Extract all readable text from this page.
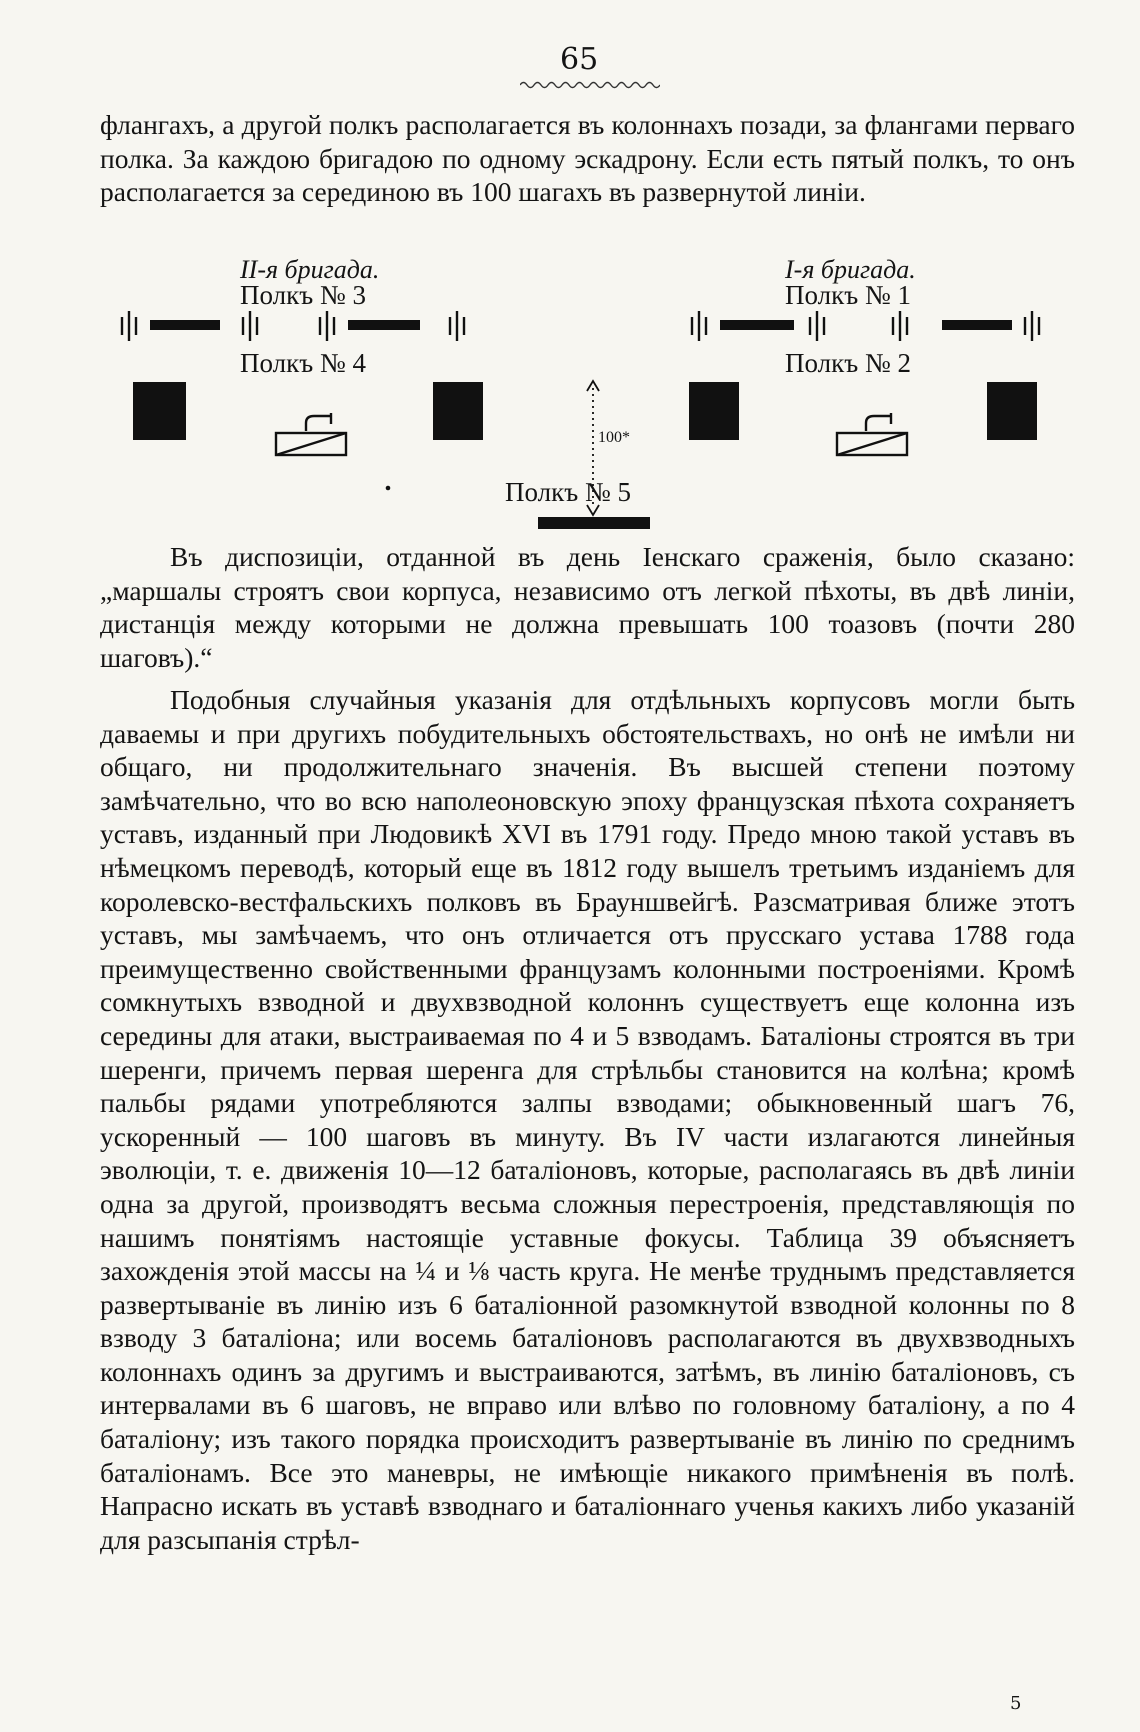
65

флангахъ, а другой полкъ располагается въ колоннахъ позади, за флангами перваго полка. За каждою бригадою по одному эскадрону. Если есть пятый полкъ, то онъ располагается за серединою въ 100 шагахъ въ развернутой линіи.

II-я бригада.	I-я бригада.
Полкъ № 3	Полкъ № 1
Полкъ № 4	Полкъ № 2
100*
Полкъ № 5

Въ диспозиціи, отданной въ день Іенскаго сраженія, было сказано: „маршалы строятъ свои корпуса, независимо отъ легкой пѣхоты, въ двѣ линіи, дистанція между которыми не должна превышать 100 тоазовъ (почти 280 шаговъ).“

Подобныя случайныя указанія для отдѣльныхъ корпусовъ могли быть даваемы и при другихъ побудительныхъ обстоятельствахъ, но онѣ не имѣли ни общаго, ни продолжительнаго значенія. Въ высшей степени поэтому замѣчательно, что во всю наполеоновскую эпоху французская пѣхота сохраняетъ уставъ, изданный при Людовикѣ XVI въ 1791 году. Предо мною такой уставъ въ нѣмецкомъ переводѣ, который еще въ 1812 году вышелъ третьимъ изданіемъ для королевско-вестфальскихъ полковъ въ Брауншвейгѣ. Разсматривая ближе этотъ уставъ, мы замѣчаемъ, что онъ отличается отъ прусскаго устава 1788 года преимущественно свойственными французамъ колонными построеніями. Кромѣ сомкнутыхъ взводной и двухвзводной колоннъ существуетъ еще колонна изъ середины для атаки, выстраиваемая по 4 и 5 взводамъ. Баталіоны строятся въ три шеренги, причемъ первая шеренга для стрѣльбы становится на колѣна; кромѣ пальбы рядами употребляются залпы взводами; обыкновенный шагъ 76, ускоренный — 100 шаговъ въ минуту. Въ IV части излагаются линейныя эволюціи, т. е. движенія 10—12 баталіоновъ, которые, располагаясь въ двѣ линіи одна за другой, производятъ весьма сложныя перестроенія, представляющія по нашимъ понятіямъ настоящіе уставные фокусы. Таблица 39 объясняетъ захожденія этой массы на ¼ и ⅛ часть круга. Не менѣе труднымъ представляется развертываніе въ линію изъ 6 баталіонной разомкнутой взводной колонны по 8 взводу 3 баталіона; или восемь баталіоновъ располагаются въ двухвзводныхъ колоннахъ одинъ за другимъ и выстраиваются, затѣмъ, въ линію баталіоновъ, съ интервалами въ 6 шаговъ, не вправо или влѣво по головному баталіону, а по 4 баталіону; изъ такого порядка происходитъ развертываніе въ линію по среднимъ баталіонамъ. Все это маневры, не имѣющіе никакого примѣненія въ полѣ. Напрасно искать въ уставѣ взводнаго и баталіоннаго ученья какихъ либо указаній для разсыпанія стрѣл-

5
